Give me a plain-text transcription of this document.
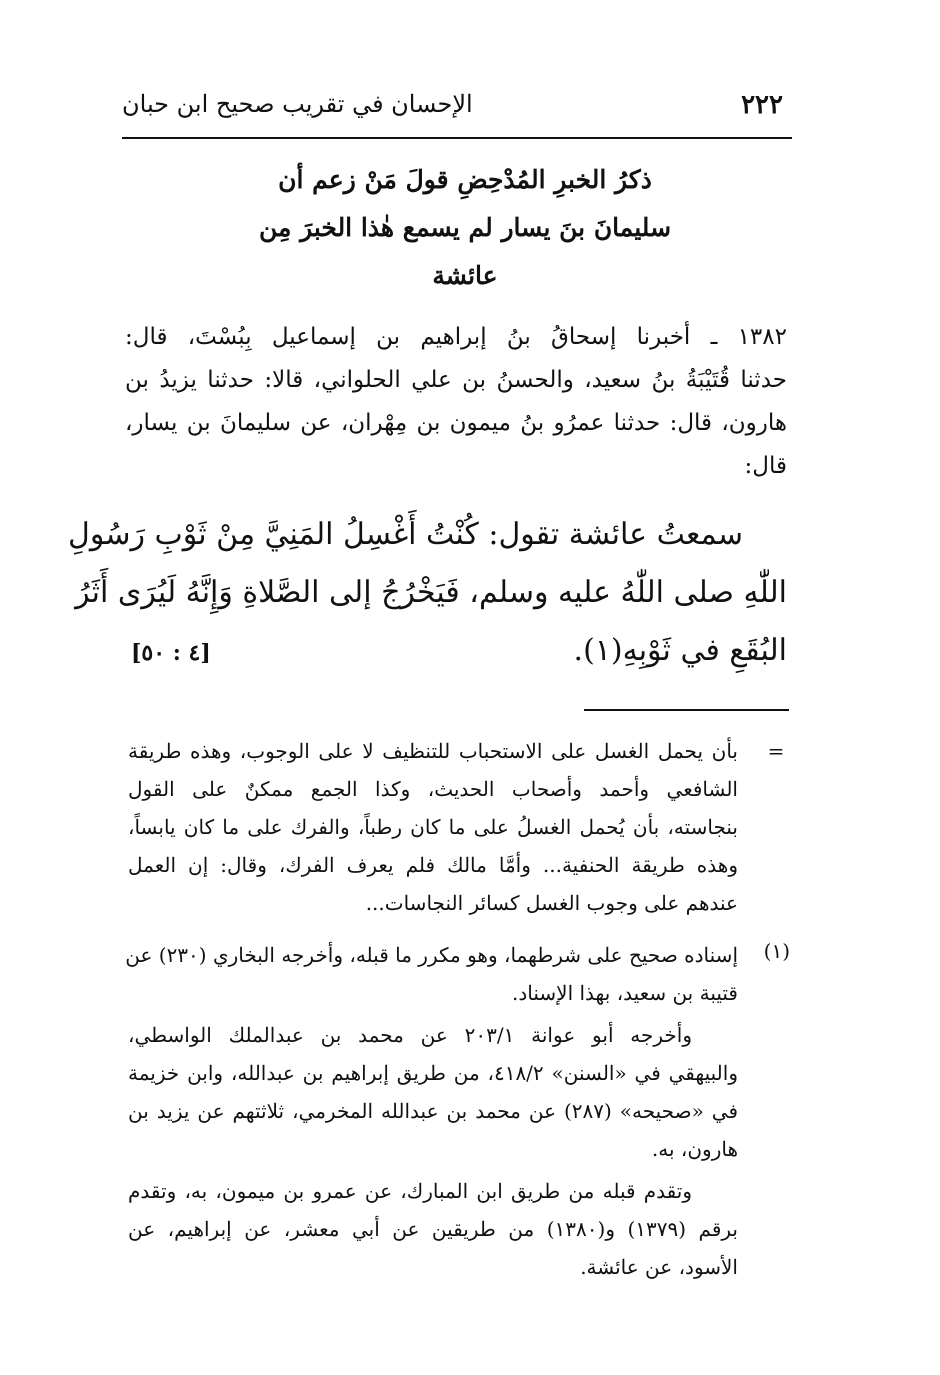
٢٢٢
الإحسان في تقريب صحيح ابن حبان
ذكرُ الخبرِ المُدْحِضِ قولَ مَنْ زعم أن
سليمانَ بنَ يسار لم يسمع هٰذا الخبرَ مِن
عائشة
١٣٨٢ ـ أخبرنا إسحاقُ بنُ إبراهيم بن إسماعيل بِبُسْتَ، قال:
حدثنا قُتَيْبَةُ بنُ سعيد، والحسنُ بن علي الحلواني، قالا: حدثنا يزيدُ بن
هارون، قال: حدثنا عمرُو بنُ ميمون بن مِهْران، عن سليمانَ بن يسار،
قال:
سمعتُ عائشة تقول: كُنْتُ أَغْسِلُ المَنِيَّ مِنْ ثَوْبِ رَسُولِ
اللّٰهِ صلى اللّٰهُ عليه وسلم، فَيَخْرُجُ إلى الصَّلاةِ وَإِنَّهُ لَيُرَى أَثَرُ
البُقَعِ في ثَوْبِهِ(١).
[٤ : ٥٠]
=
بأن يحمل الغسل على الاستحباب للتنظيف لا على الوجوب، وهذه طريقة
الشافعي وأحمد وأصحاب الحديث، وكذا الجمع ممكنٌ على القول
بنجاسته، بأن يُحمل الغسلُ على ما كان رطباً، والفرك على ما كان يابساً،
وهذه طريقة الحنفية... وأمَّا مالك فلم يعرف الفرك، وقال: إن العمل
عندهم على وجوب الغسل كسائر النجاسات...
(١)
إسناده صحيح على شرطهما، وهو مكرر ما قبله، وأخرجه البخاري (٢٣٠) عن
قتيبة بن سعيد، بهذا الإسناد.
وأخرجه أبو عوانة ٢٠٣/١ عن محمد بن عبدالملك الواسطي،
والبيهقي في «السنن» ٤١٨/٢، من طريق إبراهيم بن عبدالله، وابن خزيمة
في «صحيحه» (٢٨٧) عن محمد بن عبدالله المخرمي، ثلاثتهم عن يزيد بن
هارون، به.
وتقدم قبله من طريق ابن المبارك، عن عمرو بن ميمون، به، وتقدم
برقم (١٣٧٩) و(١٣٨٠) من طريقين عن أبي معشر، عن إبراهيم، عن
الأسود، عن عائشة.
